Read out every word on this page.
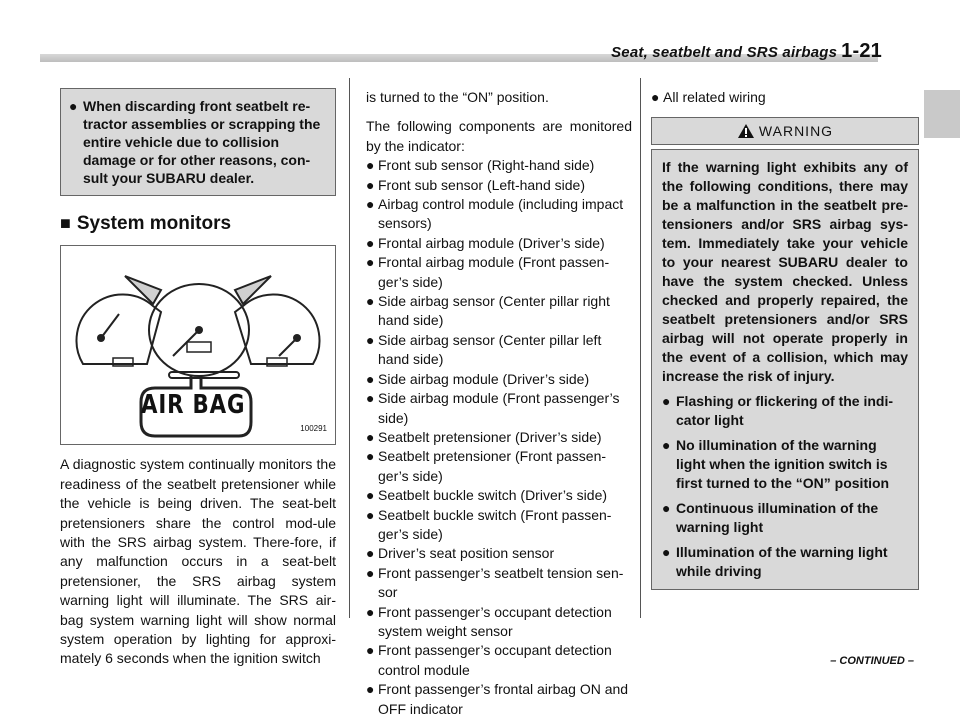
Seat, seatbelt and SRS airbags 1-21
● When discarding front seatbelt re-tractor assemblies or scrapping the entire vehicle due to collision damage or for other reasons, con-sult your SUBARU dealer.
■ System monitors
AIR BAG
100291
A diagnostic system continually monitors the readiness of the seatbelt pretensioner while the vehicle is being driven. The seat-belt pretensioners share the control mod-ule with the SRS airbag system. There-fore, if any malfunction occurs in a seat-belt pretensioner, the SRS airbag system warning light will illuminate. The SRS air-bag system warning light will show normal system operation by lighting for approxi-mately 6 seconds when the ignition switch

is turned to the “ON” position.

The following components are monitored by the indicator:
● Front sub sensor (Right-hand side)
● Front sub sensor (Left-hand side)
● Airbag control module (including impact sensors)
● Frontal airbag module (Driver’s side)
● Frontal airbag module (Front passen-ger’s side)
● Side airbag sensor (Center pillar right hand side)
● Side airbag sensor (Center pillar left hand side)
● Side airbag module (Driver’s side)
● Side airbag module (Front passenger’s side)
● Seatbelt pretensioner (Driver’s side)
● Seatbelt pretensioner (Front passen-ger’s side)
● Seatbelt buckle switch (Driver’s side)
● Seatbelt buckle switch (Front passen-ger’s side)
● Driver’s seat position sensor
● Front passenger’s seatbelt tension sen-sor
● Front passenger’s occupant detection system weight sensor
● Front passenger’s occupant detection control module
● Front passenger’s frontal airbag ON and OFF indicator
● All related wiring
WARNING
If the warning light exhibits any of the following conditions, there may be a malfunction in the seatbelt pre-tensioners and/or SRS airbag sys-tem. Immediately take your vehicle to your nearest SUBARU dealer to have the system checked. Unless checked and properly repaired, the seatbelt pretensioners and/or SRS airbag will not operate properly in the event of a collision, which may increase the risk of injury.
● Flashing or flickering of the indi-cator light
● No illumination of the warning light when the ignition switch is first turned to the “ON” position
● Continuous illumination of the warning light
● Illumination of the warning light while driving
– CONTINUED –
